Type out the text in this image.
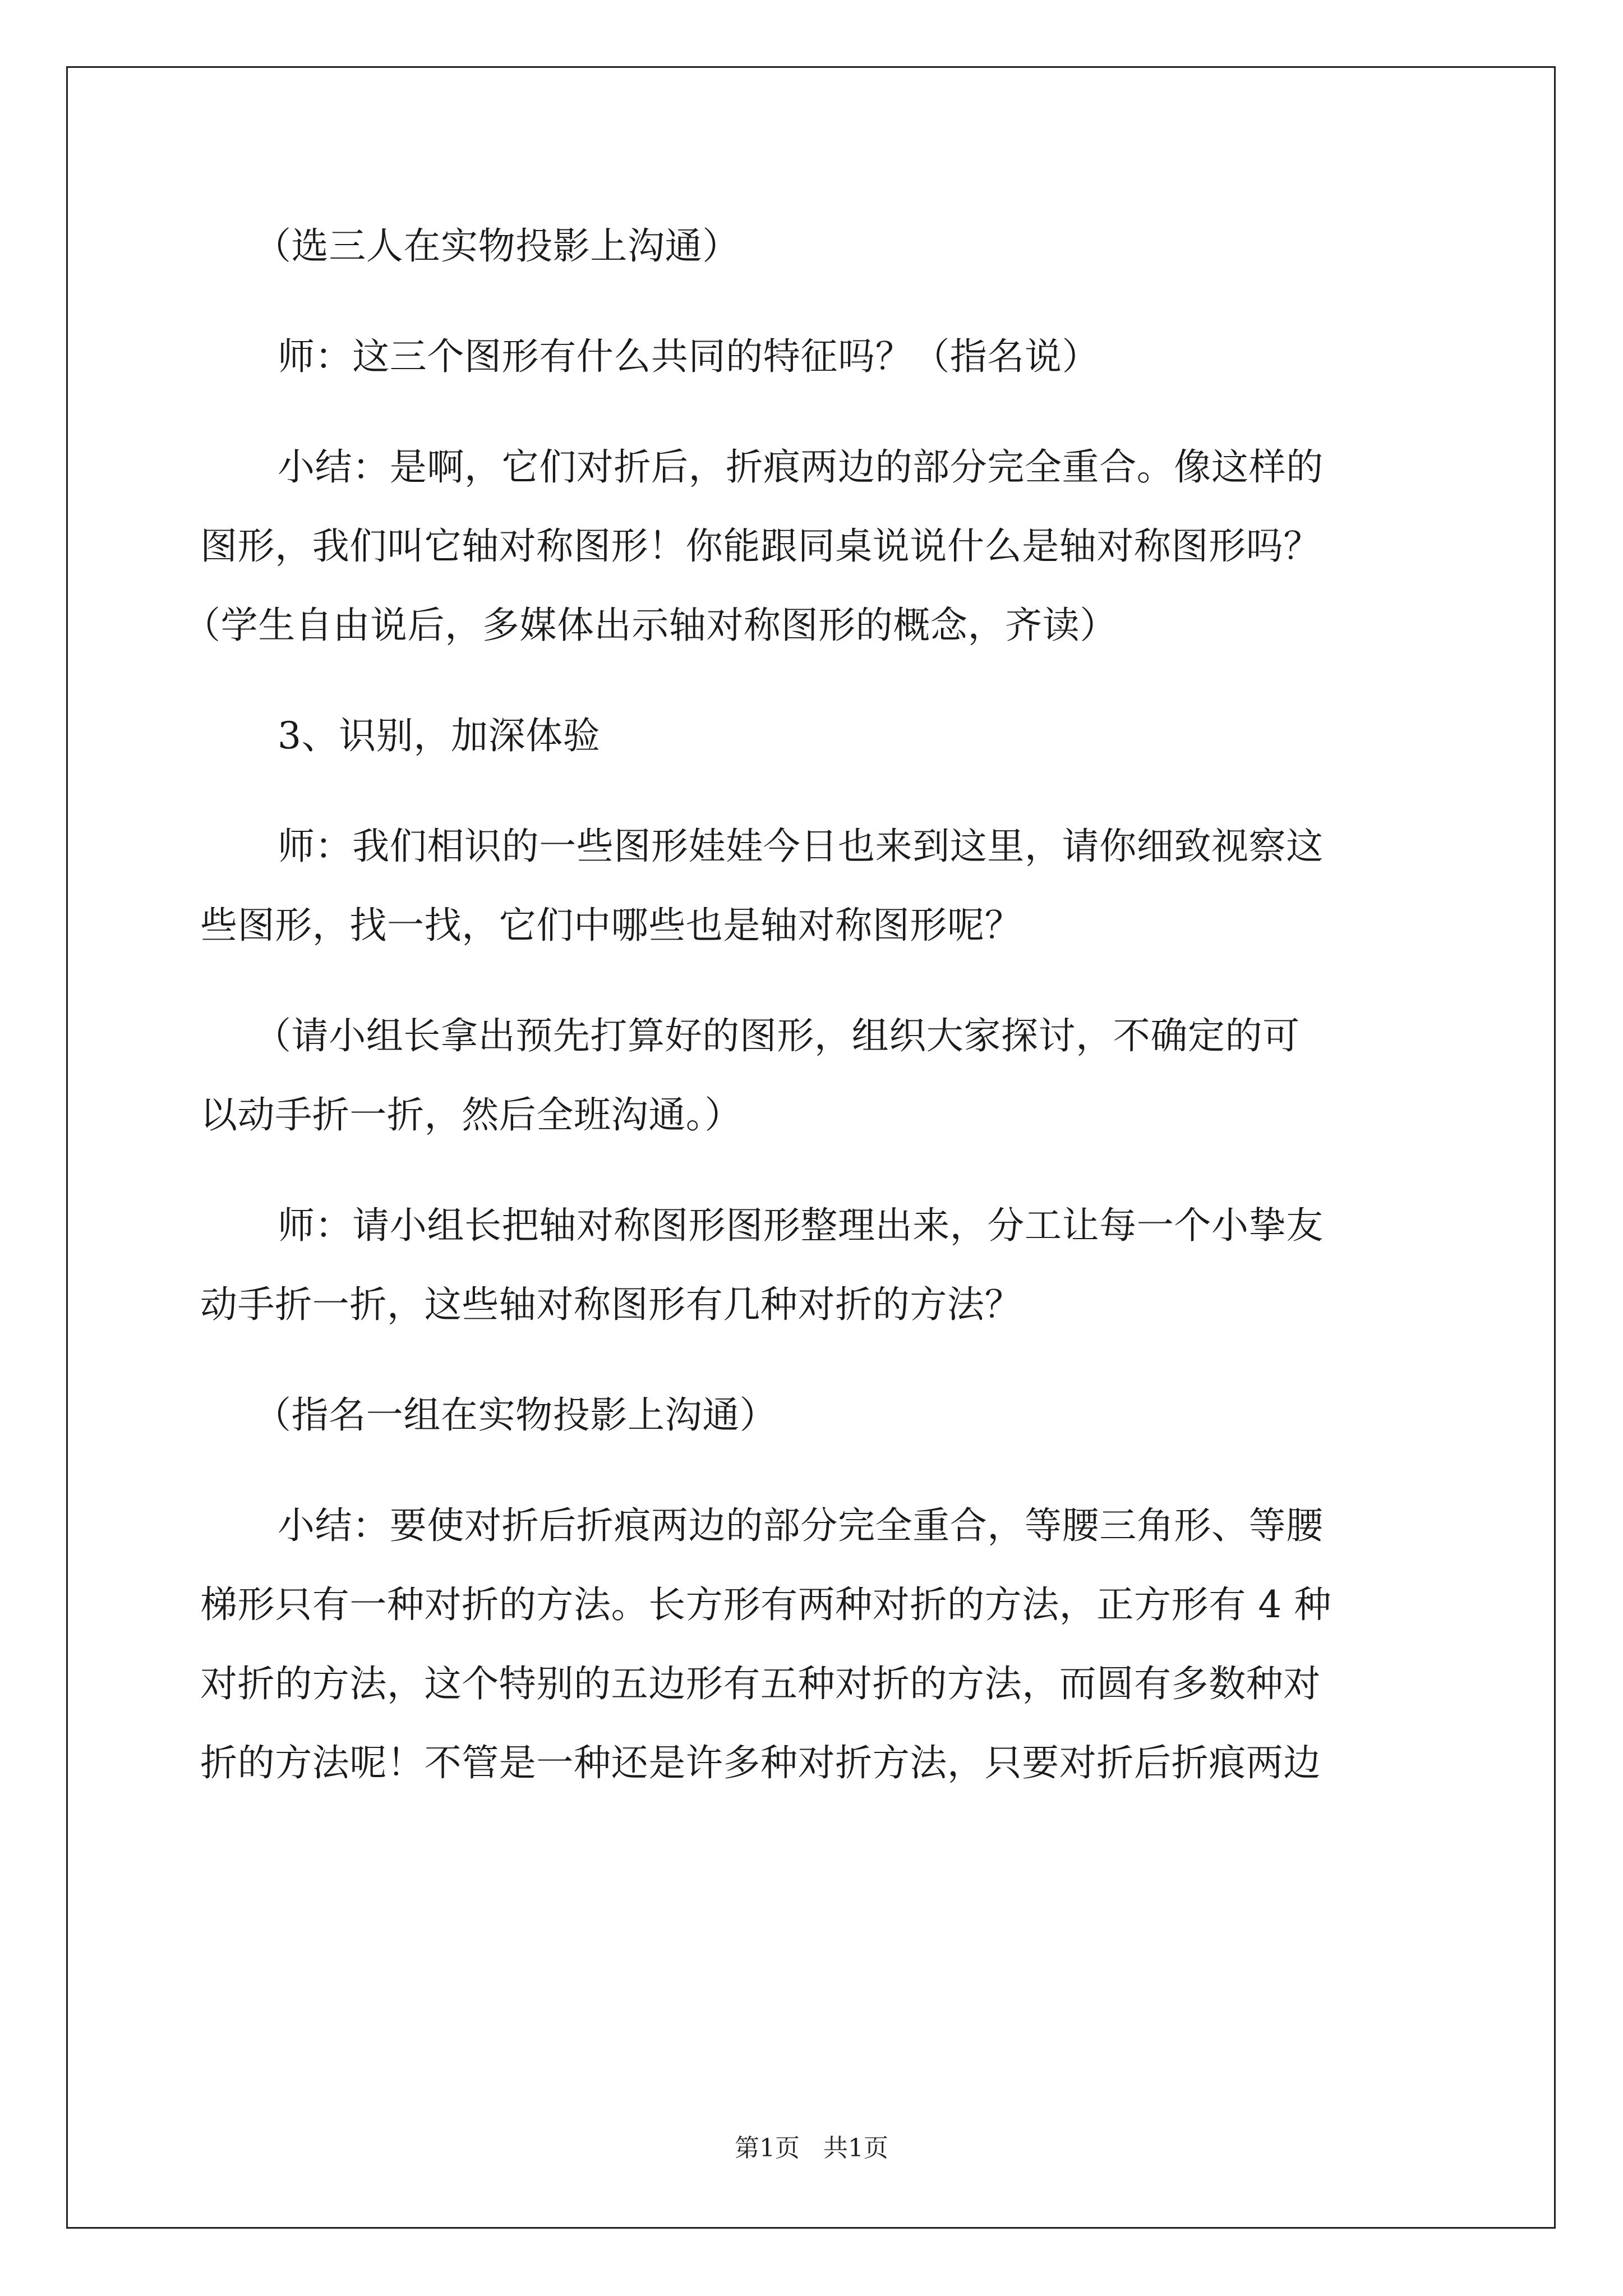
（选三人在实物投影上沟通）

师：这三个图形有什么共同的特征吗？（指名说）

小结：是啊，它们对折后，折痕两边的部分完全重合。像这样的
图形，我们叫它轴对称图形！你能跟同桌说说什么是轴对称图形吗？
（学生自由说后，多媒体出示轴对称图形的概念，齐读）

3、识别，加深体验

师：我们相识的一些图形娃娃今日也来到这里，请你细致视察这
些图形，找一找，它们中哪些也是轴对称图形呢？

（请小组长拿出预先打算好的图形，组织大家探讨，不确定的可
以动手折一折，然后全班沟通。）

师：请小组长把轴对称图形图形整理出来，分工让每一个小挚友
动手折一折，这些轴对称图形有几种对折的方法？

（指名一组在实物投影上沟通）

小结：要使对折后折痕两边的部分完全重合，等腰三角形、等腰
梯形只有一种对折的方法。长方形有两种对折的方法，正方形有 4 种
对折的方法，这个特别的五边形有五种对折的方法，而圆有多数种对
折的方法呢！不管是一种还是许多种对折方法，只要对折后折痕两边

第1页   共1页
